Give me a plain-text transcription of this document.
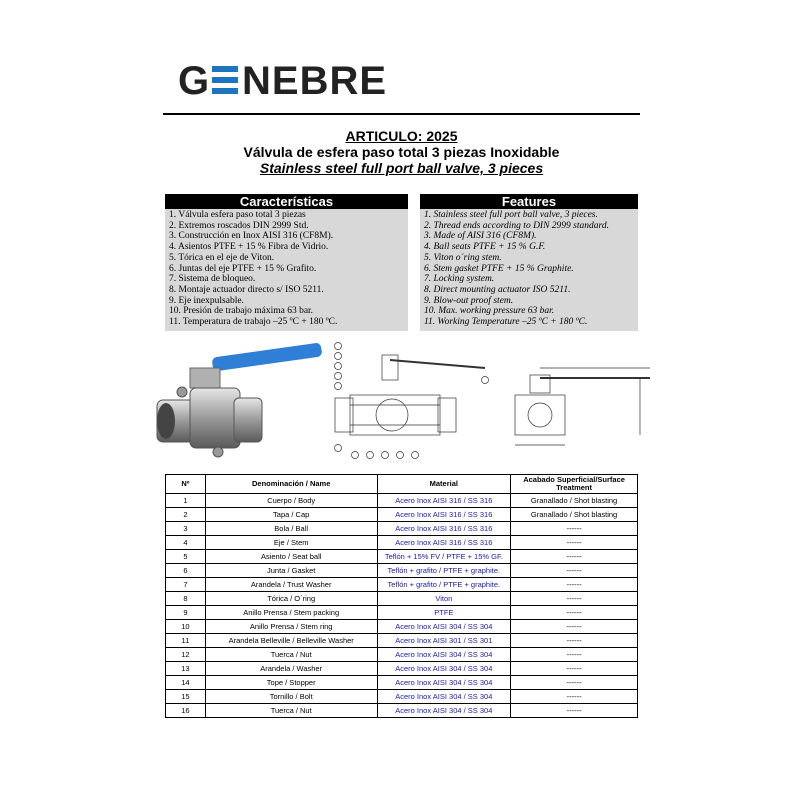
G NEBRE
ARTICULO: 2025
Válvula de esfera paso total 3 piezas Inoxidable
Stainless steel full port ball valve, 3 pieces
Características
1. Válvula esfera paso total 3 piezas
2. Extremos roscados DIN 2999 Std.
3. Construcción en Inox AISI 316 (CF8M).
4. Asientos PTFE + 15 % Fibra de Vidrio.
5. Tórica en el eje de Viton.
6. Juntas del eje PTFE + 15 % Grafito.
7. Sistema de bloqueo.
8. Montaje actuador directo s/ ISO 5211.
9. Eje inexpulsable.
10. Presión de trabajo máxima 63 bar.
11. Temperatura de trabajo –25 ºC + 180 ºC.
Features
1. Stainless steel full port ball valve, 3 pieces.
2. Thread ends according to DIN 2999 standard.
3. Made of AISI 316 (CF8M).
4. Ball seats PTFE + 15 % G.F.
5. Viton o´ring stem.
6. Stem gasket PTFE + 15 % Graphite.
7. Locking system.
8. Direct mounting actuator ISO 5211.
9. Blow-out proof stem.
10. Max. working pressure 63 bar.
11. Working Temperature –25 ºC + 180 ºC.
Nº	Denominación / Name	Material	Acabado Superficial/Surface Treatment
1	Cuerpo / Body	Acero Inox AISI 316 / SS 316	Granallado / Shot blasting
2	Tapa / Cap	Acero Inox AISI 316 / SS 316	Granallado / Shot blasting
3	Bola / Ball	Acero Inox AISI 316 / SS 316	------
4	Eje / Stem	Acero Inox AISI 316 / SS 316	------
5	Asiento / Seat ball	Teflón + 15% FV / PTFE + 15% GF.	------
6	Junta / Gasket	Teflón + grafito / PTFE + graphite.	------
7	Arandela / Trust Washer	Teflón + grafito / PTFE + graphite.	------
8	Tórica / O´ring	Viton	------
9	Anillo Prensa / Stem packing	PTFE	------
10	Anillo Prensa / Stem ring	Acero Inox AISI 304 / SS 304	------
11	Arandela Belleville / Belleville Washer	Acero Inox AISI 301 / SS 301	------
12	Tuerca / Nut	Acero Inox AISI 304 / SS 304	------
13	Arandela / Washer	Acero Inox AISI 304 / SS 304	------
14	Tope / Stopper	Acero Inox AISI 304 / SS 304	------
15	Tornillo / Bolt	Acero Inox AISI 304 / SS 304	------
16	Tuerca / Nut	Acero Inox AISI 304 / SS 304	------
